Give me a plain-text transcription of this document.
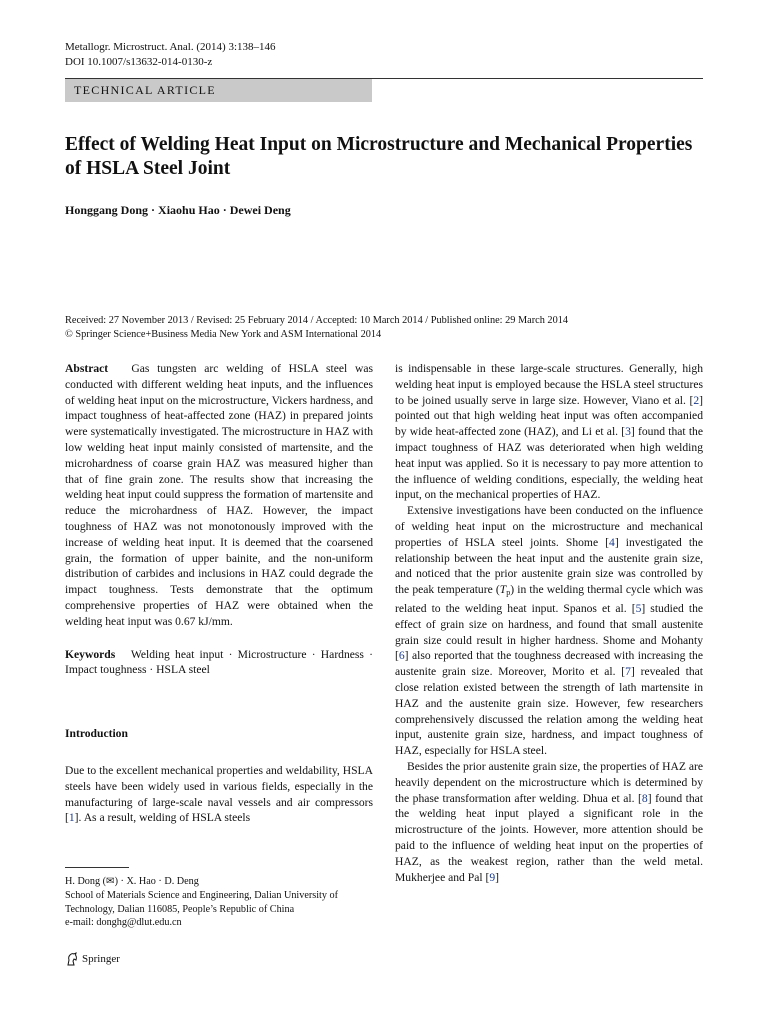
Metallogr. Microstruct. Anal. (2014) 3:138–146
DOI 10.1007/s13632-014-0130-z
TECHNICAL ARTICLE
Effect of Welding Heat Input on Microstructure and Mechanical Properties of HSLA Steel Joint
Honggang Dong · Xiaohu Hao · Dewei Deng
Received: 27 November 2013 / Revised: 25 February 2014 / Accepted: 10 March 2014 / Published online: 29 March 2014
© Springer Science+Business Media New York and ASM International 2014

Abstract Gas tungsten arc welding of HSLA steel was conducted with different welding heat inputs, and the influences of welding heat input on the microstructure, Vickers hardness, and impact toughness of heat-affected zone (HAZ) in prepared joints were systematically investigated. The microstructure in HAZ with low welding heat input mainly consisted of martensite, and the microhardness of coarse grain HAZ was measured higher than that of fine grain zone. The results show that increasing the welding heat input could suppress the formation of martensite and reduce the microhardness of HAZ. However, the impact toughness of HAZ was not monotonously improved with the increase of welding heat input. It is deemed that the coarsened grain, the formation of upper bainite, and the non-uniform distribution of carbides and inclusions in HAZ could degrade the impact toughness. Tests demonstrate that the optimum comprehensive properties of HAZ were obtained when the welding heat input was 0.67 kJ/mm.

Keywords Welding heat input · Microstructure · Hardness · Impact toughness · HSLA steel

Introduction

Due to the excellent mechanical properties and weldability, HSLA steels have been widely used in various fields, especially in the manufacturing of large-scale naval vessels and air compressors [1]. As a result, welding of HSLA steels

is indispensable in these large-scale structures. Generally, high welding heat input is employed because the HSLA steel structures to be joined usually serve in large size. However, Viano et al. [2] pointed out that high welding heat input was often accompanied by wide heat-affected zone (HAZ), and Li et al. [3] found that the impact toughness of HAZ was deteriorated when high welding heat input was applied. So it is necessary to pay more attention to the influence of welding conditions, especially, the welding heat input, on the mechanical properties of HAZ.

Extensive investigations have been conducted on the influence of welding heat input on the microstructure and mechanical properties of HSLA steel joints. Shome [4] investigated the relationship between the heat input and the austenite grain size, and noticed that the prior austenite grain size was controlled by the peak temperature $(T_p)$ in the welding thermal cycle which was related to the welding heat input. Spanos et al. [5] studied the effect of grain size on hardness, and found that small austenite grain size could result in higher hardness. Shome and Mohanty [6] also reported that the toughness decreased with increasing the austenite grain size. Moreover, Morito et al. [7] revealed that close relation existed between the strength of lath martensite in HAZ and the austenite grain size. However, few researchers comprehensively discussed the relation among the welding heat input, austenite grain size, hardness, and impact toughness of HAZ, especially for HSLA steel.

Besides the prior austenite grain size, the properties of HAZ are heavily dependent on the microstructure which is determined by the phase transformation after welding. Dhua et al. [8] found that the welding heat input played a significant role in the microstructure of the joints. However, more attention should be paid to the influence of welding heat input on the properties of HAZ, as the weakest region, rather than the weld metal. Mukherjee and Pal [9]

H. Dong (✉) · X. Hao · D. Deng
School of Materials Science and Engineering, Dalian University of Technology, Dalian 116085, People’s Republic of China
e-mail: donghg@dlut.edu.cn
Springer
